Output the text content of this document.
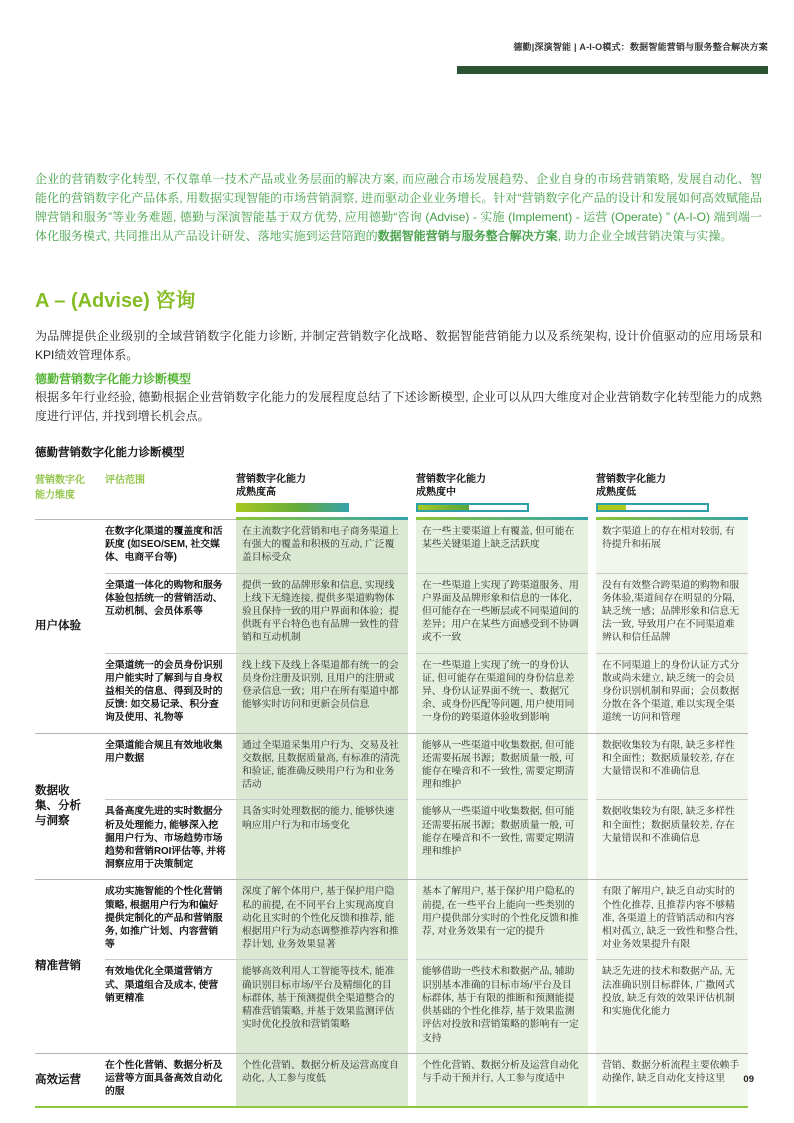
德勤|深演智能 | A-I-O模式：数据智能营销与服务整合解决方案

企业的营销数字化转型, 不仅靠单一技术产品或业务层面的解决方案, 而应融合市场发展趋势、企业自身的市场营销策略, 发展自动化、智能化的营销数字化产品体系, 用数据实现智能的市场营销洞察, 进而驱动企业业务增长。针对“营销数字化产品的设计和发展如何高效赋能品牌营销和服务”等业务难题, 德勤与深演智能基于双方优势, 应用德勤“咨询 (Advise) - 实施 (Implement) - 运营 (Operate) ” (A-I-O) 端到端一体化服务模式, 共同推出从产品设计研发、落地实施到运营陪跑的数据智能营销与服务整合解决方案, 助力企业全域营销决策与实操。

A – (Advise) 咨询

为品牌提供企业级别的全域营销数字化能力诊断, 并制定营销数字化战略、数据智能营销能力以及系统架构, 设计价值驱动的应用场景和KPI绩效管理体系。

德勤营销数字化能力诊断模型

根据多年行业经验, 德勤根据企业营销数字化能力的发展程度总结了下述诊断模型, 企业可以从四大维度对企业营销数字化转型能力的成熟度进行评估, 并找到增长机会点。

德勤营销数字化能力诊断模型
营销数字化
能力维度
评估范围	营销数字化能力
成熟度高
营销数字化能力
成熟度中
营销数字化能力
成熟度低
用户体验
在数字化渠道的覆盖度和活跃度 (如SEO/SEM, 社交媒体、电商平台等)
在主流数字化营销和电子商务渠道上有强大的覆盖和积极的互动, 广泛覆盖目标受众
在一些主要渠道上有覆盖, 但可能在某些关键渠道上缺乏活跃度
数字渠道上的存在相对较弱, 有待提升和拓展
全渠道一体化的购物和服务体验包括统一的营销活动、互动机制、会员体系等
提供一致的品牌形象和信息, 实现线上线下无缝连接, 提供多渠道购物体验且保持一致的用户界面和体验；提供既有平台特色也有品牌一致性的营销和互动机制
在一些渠道上实现了跨渠道服务、用户界面及品牌形象和信息的一体化, 但可能存在一些断层或不同渠道间的差异；用户在某些方面感受到不协调或不一致
没有有效整合跨渠道的购物和服务体验,渠道间存在明显的分隔, 缺乏统一感；品牌形象和信息无法一致, 导致用户在不同渠道难辨认和信任品牌
全渠道统一的会员身份识别用户能实时了解到与自身权益相关的信息、得到及时的反馈: 如交易记录、积分查询及使用、礼物等
线上线下及线上各渠道都有统一的会员身份注册及识别, 且用户的注册或登录信息一致；用户在所有渠道中都能够实时访问和更新会员信息
在一些渠道上实现了统一的身份认证, 但可能存在渠道间的身份信息差异、身份认证界面不统一、数据冗余、或身份匹配等问题, 用户使用同一身份的跨渠道体验收到影响
在不同渠道上的身份认证方式分散或尚未建立, 缺乏统一的会员身份识别机制和界面；会员数据分散在各个渠道, 难以实现全渠道统一访问和管理
数据收集、分析与洞察
全渠道能合规且有效地收集用户数据
通过全渠道采集用户行为、交易及社交数据, 且数据质量高, 有标准的清洗和验证, 能准确反映用户行为和业务活动
能够从一些渠道中收集数据, 但可能还需要拓展书源；数据质量一般, 可能存在噪音和不一致性, 需要定期清理和维护
数据收集较为有限, 缺乏多样性和全面性；数据质量较差, 存在大量错误和不准确信息
具备高度先进的实时数据分析及处理能力, 能够深入挖掘用户行为、市场趋势市场趋势和营销ROI评估等, 并将洞察应用于决策制定
具备实时处理数据的能力, 能够快速响应用户行为和市场变化
能够从一些渠道中收集数据, 但可能还需要拓展书源；数据质量一般, 可能存在噪音和不一致性, 需要定期清理和维护
数据收集较为有限, 缺乏多样性和全面性；数据质量较差, 存在大量错误和不准确信息
精准营销
成功实施智能的个性化营销策略, 根据用户行为和偏好提供定制化的产品和营销服务, 如推广计划、内容营销等
深度了解个体用户, 基于保护用户隐私的前提, 在不同平台上实现高度自动化且实时的个性化反馈和推荐, 能根据用户行为动态调整推荐内容和推荐计划, 业务效果显著
基本了解用户, 基于保护用户隐私的前提, 在一些平台上能向一些类别的用户提供部分实时的个性化反馈和推荐, 对业务效果有一定的提升
有限了解用户, 缺乏自动实时的个性化推荐, 且推荐内容不够精准, 各渠道上的营销活动和内容相对孤立, 缺乏一致性和整合性, 对业务效果提升有限
有效地优化全渠道营销方式、渠道组合及成本, 使营销更精准
能够高效利用人工智能等技术, 能准确识别目标市场/平台及精细化的目标群体, 基于预测提供全渠道整合的精准营销策略, 并基于效果监测评估实时优化投放和营销策略
能够借助一些技术和数据产品, 辅助识别基本准确的目标市场/平台及目标群体, 基于有限的推断和预测能提供基础的个性化推荐, 基于效果监测评估对投放和营销策略的影响有一定支持
缺乏先进的技术和数据产品, 无法准确识别目标群体, 广撒网式投放, 缺乏有效的效果评估机制和实施优化能力
高效运营
在个性化营销、数据分析及运营等方面具备高效自动化的服
个性化营销、数据分析及运营高度自动化, 人工参与度低
个性化营销、数据分析及运营自动化与手动干预并行, 人工参与度适中
营销、数据分析流程主要依赖手动操作, 缺乏自动化支持这里	09
